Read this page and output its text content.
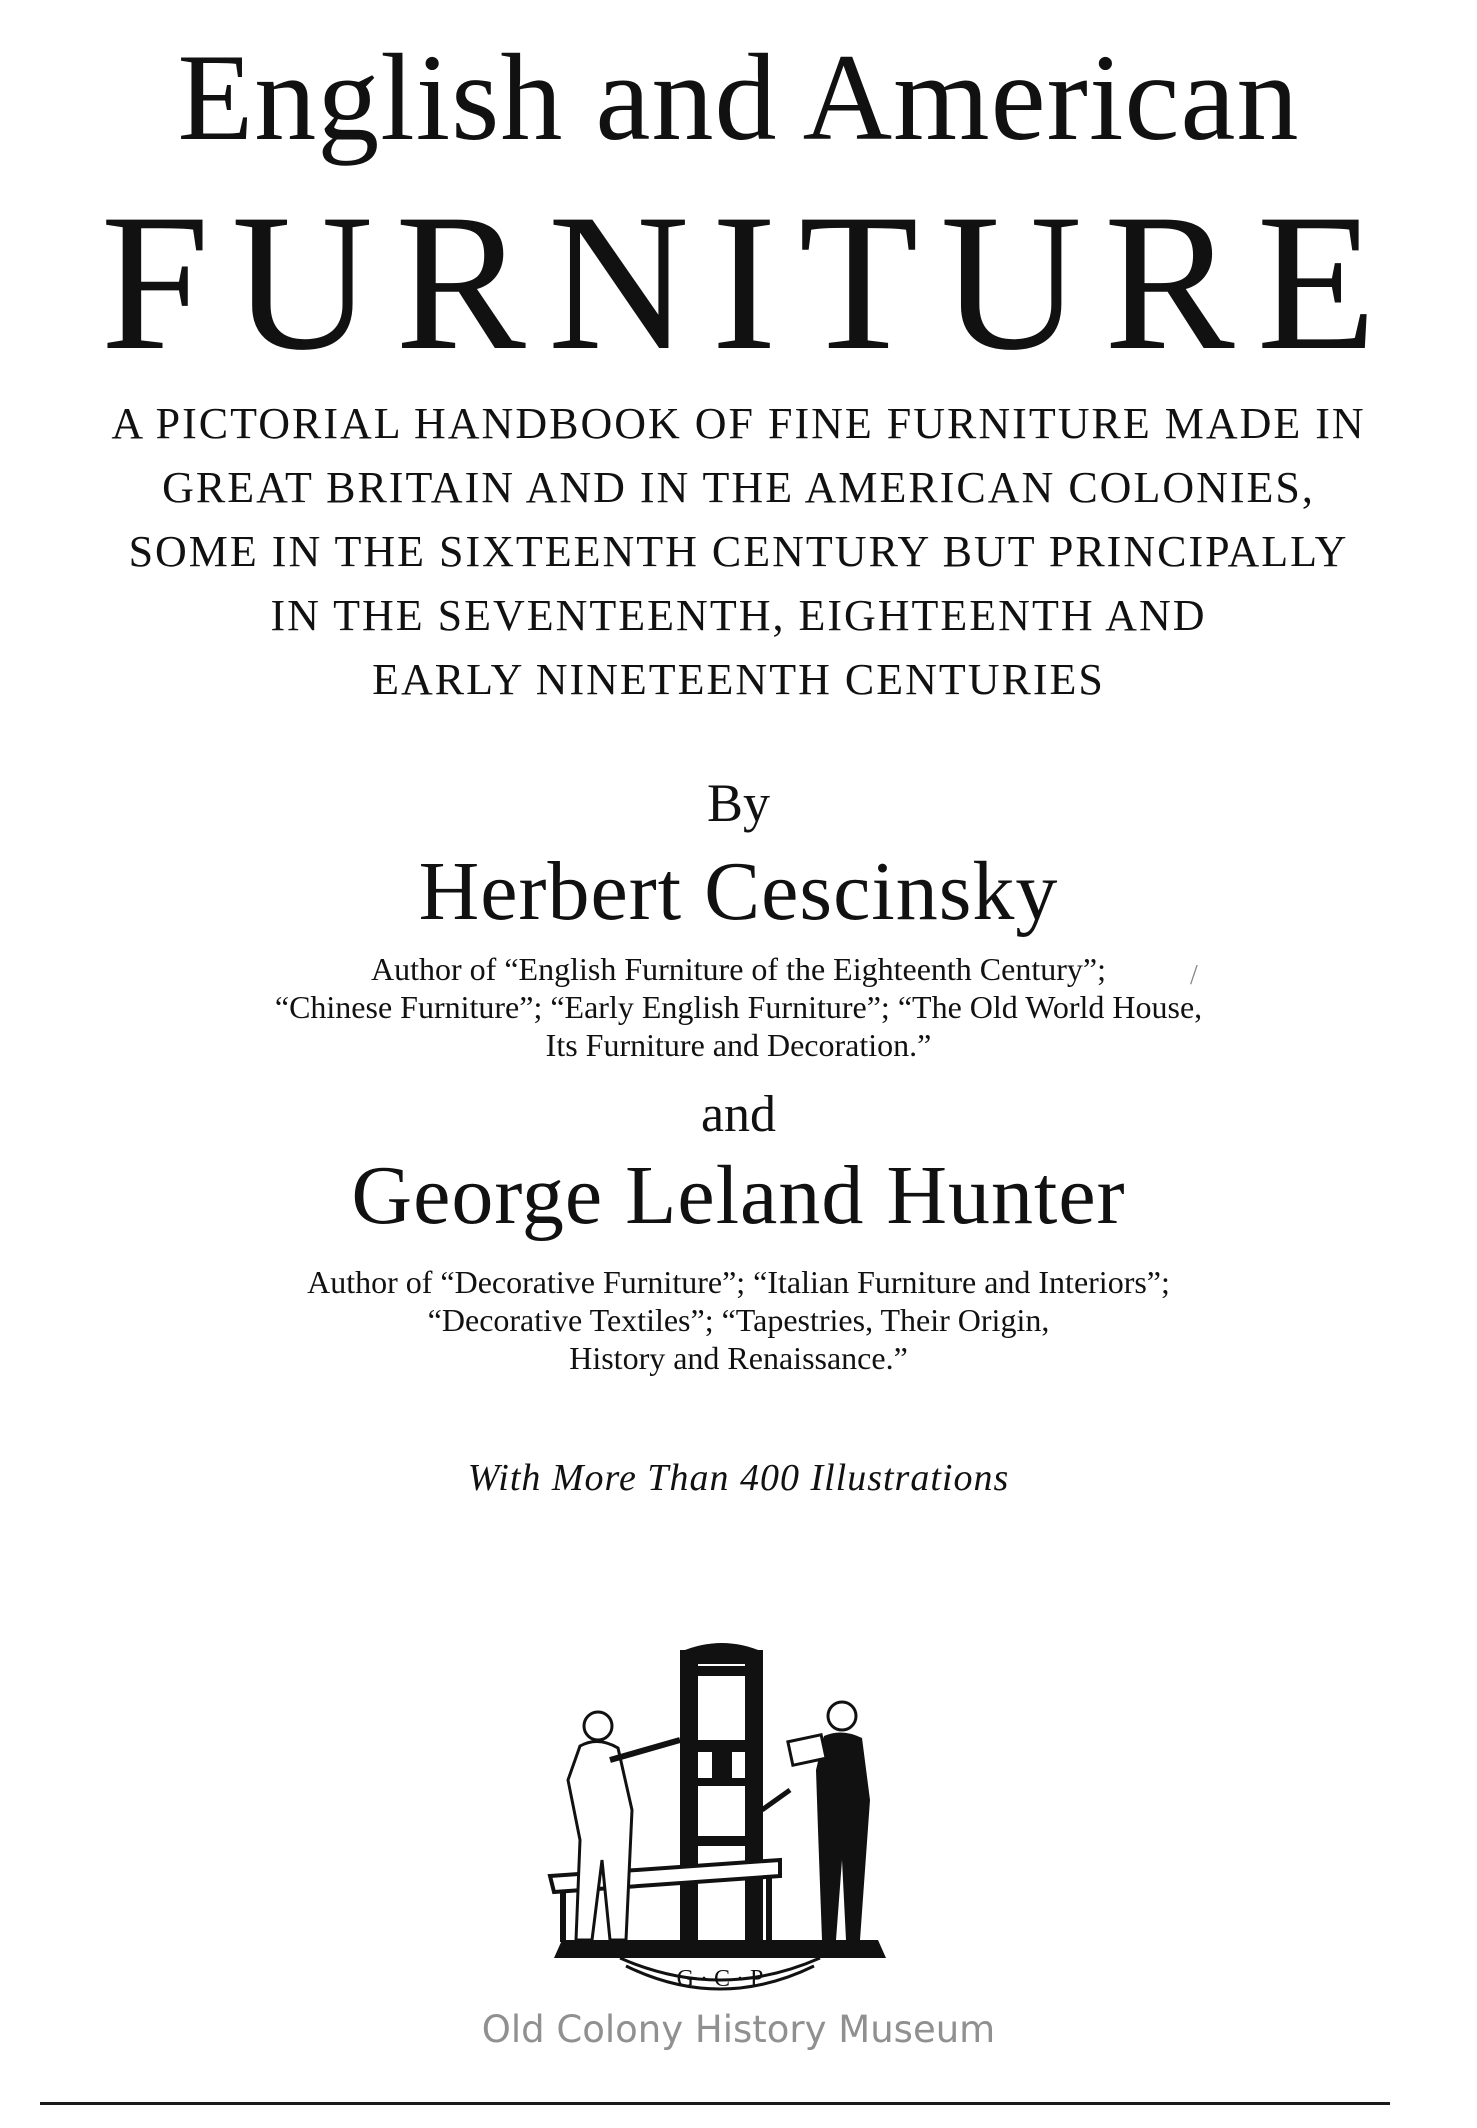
English and American
FURNITURE
A PICTORIAL HANDBOOK OF FINE FURNITURE MADE IN
GREAT BRITAIN AND IN THE AMERICAN COLONIES,
SOME IN THE SIXTEENTH CENTURY BUT PRINCIPALLY
IN THE SEVENTEENTH, EIGHTEENTH AND
EARLY NINETEENTH CENTURIES
By
Herbert Cescinsky
Author of “English Furniture of the Eighteenth Century”;
“Chinese Furniture”; “Early English Furniture”; “The Old World House,
Its Furniture and Decoration.”
and
George Leland Hunter
Author of “Decorative Furniture”; “Italian Furniture and Interiors”;
“Decorative Textiles”; “Tapestries, Their Origin,
History and Renaissance.”
With More Than 400 Illustrations
/
G · C · P
Old Colony History Museum
